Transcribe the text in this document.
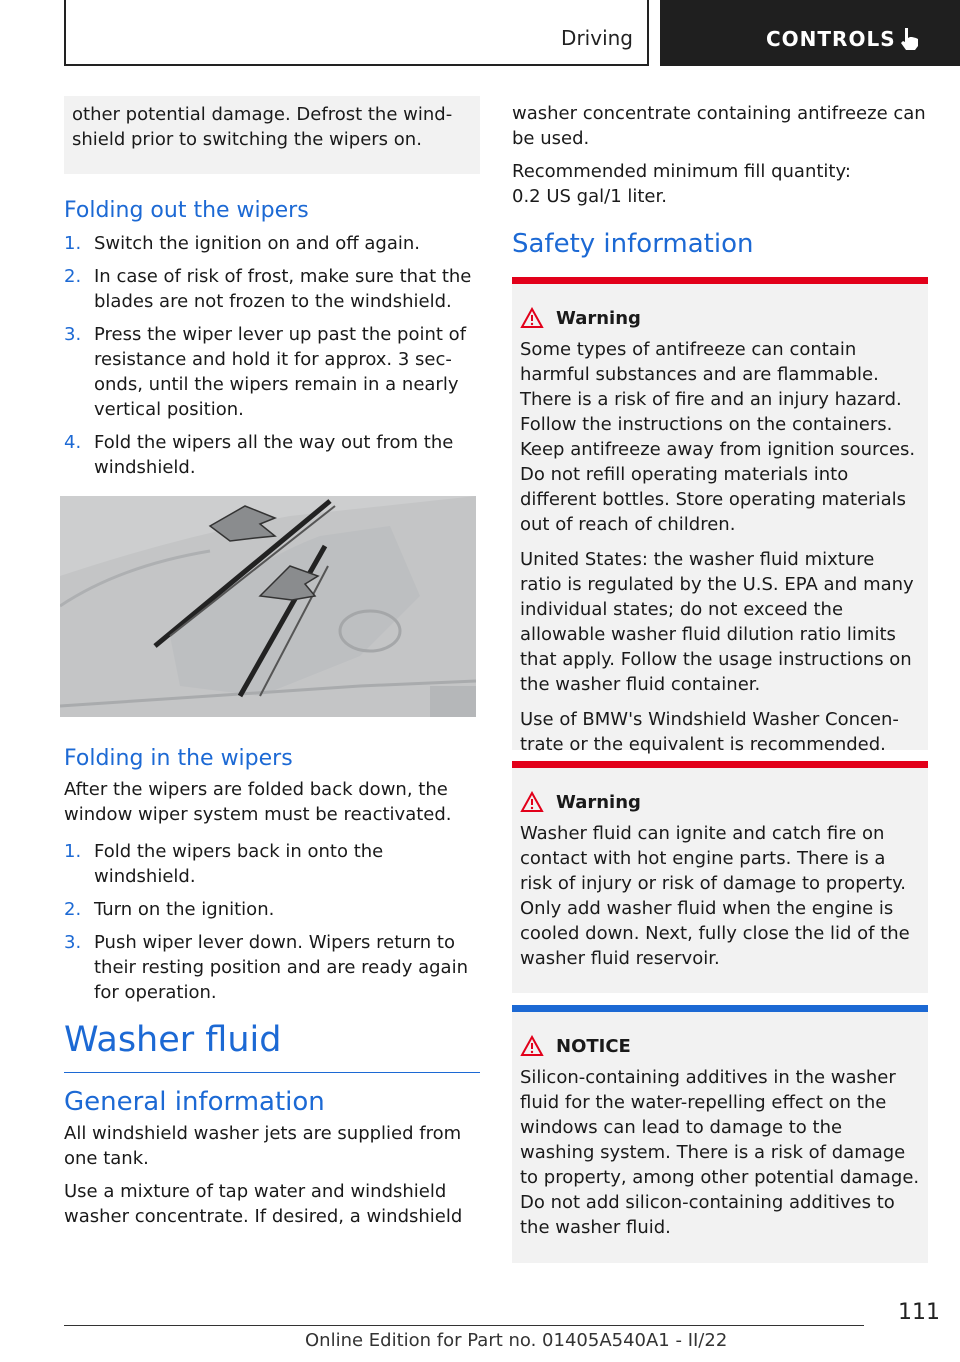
Driving	CONTROLS

other potential damage. Defrost the windshield prior to switching the wipers on.

Folding out the wipers
1. Switch the ignition on and off again.
2. In case of risk of frost, make sure that the blades are not frozen to the windshield.
3. Press the wiper lever up past the point of resistance and hold it for approx. 3 seconds, until the wipers remain in a nearly vertical position.
4. Fold the wipers all the way out from the windshield.
Folding in the wipers

After the wipers are folded back down, the window wiper system must be reactivated.

1. Fold the wipers back in onto the windshield.
2. Turn on the ignition.
3. Push wiper lever down. Wipers return to their resting position and are ready again for operation.
Washer fluid
General information

All windshield washer jets are supplied from one tank.

Use a mixture of tap water and windshield washer concentrate. If desired, a windshield

washer concentrate containing antifreeze can be used.

Recommended minimum fill quantity:

0.2 US gal/1 liter.

Safety information
Warning

Some types of antifreeze can contain harmful substances and are flammable. There is a risk of fire and an injury hazard. Follow the instructions on the containers. Keep antifreeze away from ignition sources. Do not refill operating materials into different bottles. Store operating materials out of reach of children.

United States: the washer fluid mixture ratio is regulated by the U.S. EPA and many individual states; do not exceed the allowable washer fluid dilution ratio limits that apply. Follow the usage instructions on the washer fluid container.

Use of BMW's Windshield Washer Concentrate or the equivalent is recommended.

Warning

Washer fluid can ignite and catch fire on contact with hot engine parts. There is a risk of injury or risk of damage to property. Only add washer fluid when the engine is cooled down. Next, fully close the lid of the washer fluid reservoir.

NOTICE

Silicon-containing additives in the washer fluid for the water-repelling effect on the windows can lead to damage to the washing system. There is a risk of damage to property, among other potential damage. Do not add silicon-containing additives to the washer fluid.

111
Online Edition for Part no. 01405A540A1 - II/22
